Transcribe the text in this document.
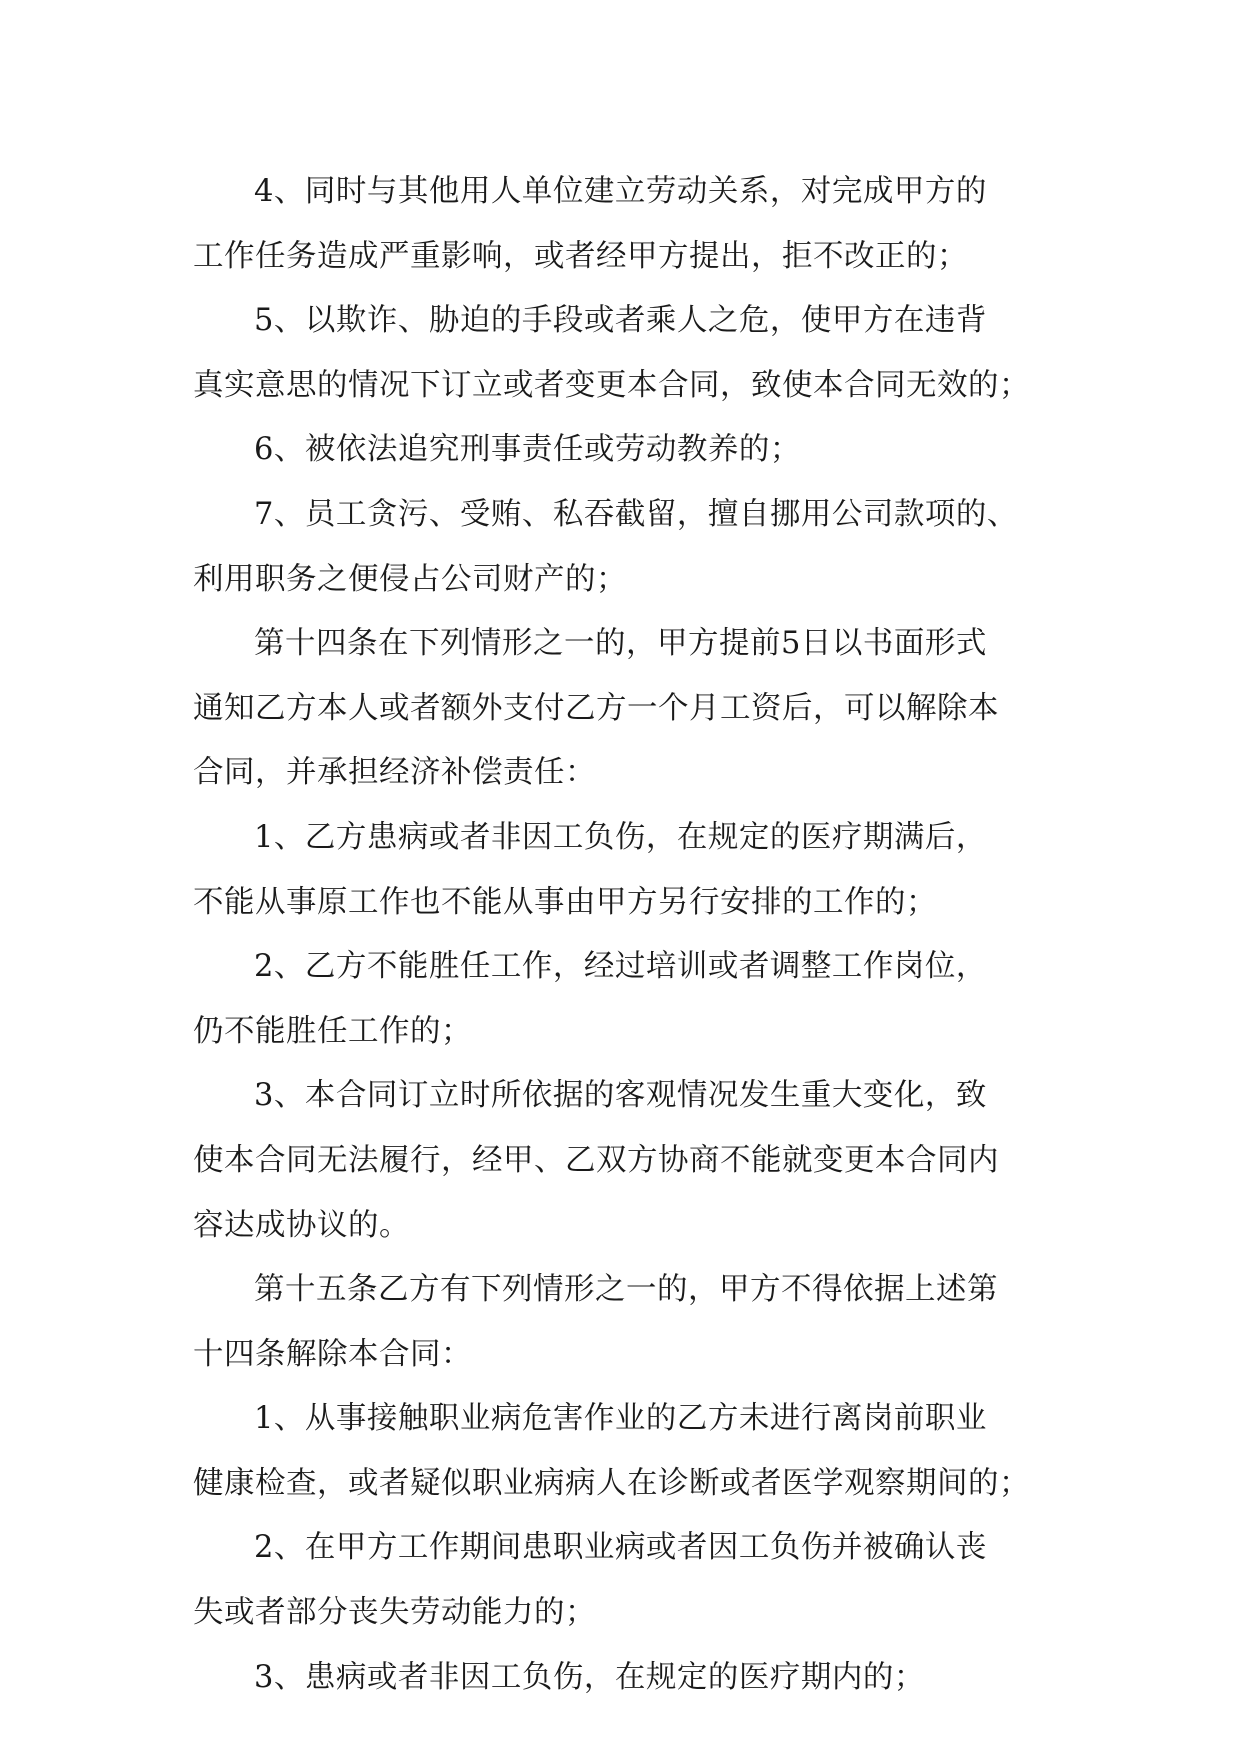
4、同时与其他用人单位建立劳动关系，对完成甲方的
工作任务造成严重影响，或者经甲方提出，拒不改正的；
5、以欺诈、胁迫的手段或者乘人之危，使甲方在违背
真实意思的情况下订立或者变更本合同，致使本合同无效的；
6、被依法追究刑事责任或劳动教养的；
7、员工贪污、受贿、私吞截留，擅自挪用公司款项的、
利用职务之便侵占公司财产的；
第十四条在下列情形之一的，甲方提前5日以书面形式
通知乙方本人或者额外支付乙方一个月工资后，可以解除本
合同，并承担经济补偿责任：
1、乙方患病或者非因工负伤，在规定的医疗期满后，
不能从事原工作也不能从事由甲方另行安排的工作的；
2、乙方不能胜任工作，经过培训或者调整工作岗位，
仍不能胜任工作的；
3、本合同订立时所依据的客观情况发生重大变化，致
使本合同无法履行，经甲、乙双方协商不能就变更本合同内
容达成协议的。
第十五条乙方有下列情形之一的，甲方不得依据上述第
十四条解除本合同：
1、从事接触职业病危害作业的乙方未进行离岗前职业
健康检查，或者疑似职业病病人在诊断或者医学观察期间的；
2、在甲方工作期间患职业病或者因工负伤并被确认丧
失或者部分丧失劳动能力的；
3、患病或者非因工负伤，在规定的医疗期内的；
